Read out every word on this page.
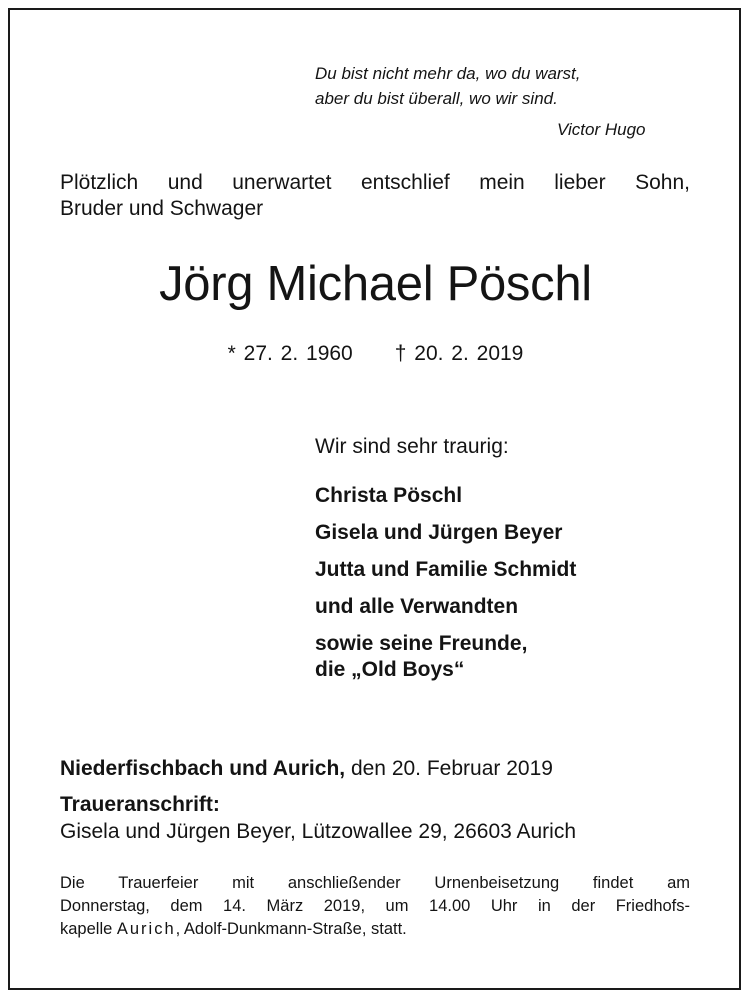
Du bist nicht mehr da, wo du warst,
aber du bist überall, wo wir sind.

Victor Hugo

Plötzlich und unerwartet entschlief mein lieber Sohn,
Bruder und Schwager

Jörg Michael Pöschl

* 27. 2. 1960 † 20. 2. 2019

Wir sind sehr traurig:

Christa Pöschl
Gisela und Jürgen Beyer
Jutta und Familie Schmidt
und alle Verwandten
sowie seine Freunde,
die „Old Boys“

Niederfischbach und Aurich, den 20. Februar 2019

Traueranschrift:

Gisela und Jürgen Beyer, Lützowallee 29, 26603 Aurich

Die Trauerfeier mit anschließender Urnenbeisetzung findet am
Donnerstag, dem 14. März 2019, um 14.00 Uhr in der Friedhofs-
kapelle Aurich, Adolf-Dunkmann-Straße, statt.
